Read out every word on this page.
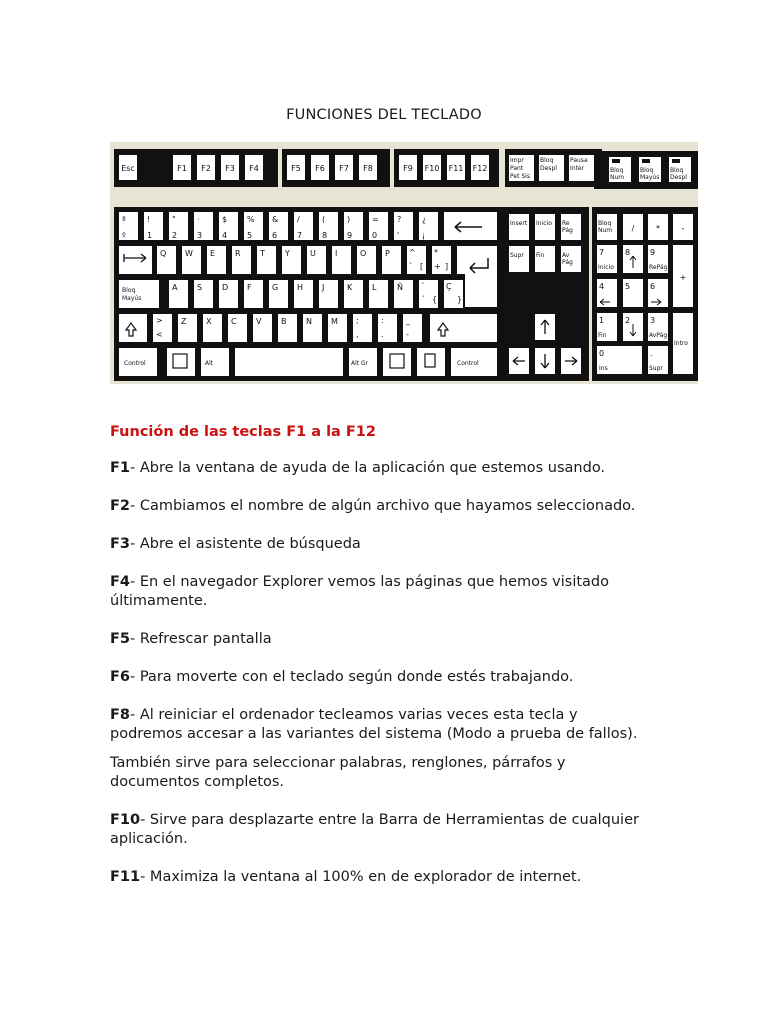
FUNCIONES DEL TECLADO
Esc	F1 F2 F3 F4	F5 F6 F7 F8	F9 F10 F11 F12
Impr
Pant
Pet Sis
Bloq
Despl
Pausa
Inter	Bloq
Num
Bloq
Mayús
Bloq
Despl
ª
º
!
1
"
2
·
3
$
4
%
5
&
6
/
7
(
8
)
9
=
0
?
'
¿
¡
Q W E R T	Y	U I	O P ^
` [
*
+ ]
Bloq
Mayús
A S D F	G H J	K L	Ñ ¨
´ {
Ç
}
>
<
Z X C V B N M ;
,
:
.
_
-
Control	Alt	Alt Gr	Control
Insert Inicio Re
Pág
Supr Fin	Av
Pág
Bloq
Num /	*	-
7
Inicio
8 9
RePág
4	5 6
1
Fin
2 3
AvPág
0
Ins
.
Supr
+
Intro
Función de las teclas F1 a la F12
F1- Abre la ventana de ayuda de la aplicación que estemos usando.
F2- Cambiamos el nombre de algún archivo que hayamos seleccionado.
F3- Abre el asistente de búsqueda
F4- En el navegador Explorer vemos las páginas que hemos visitado últimamente.
F5- Refrescar pantalla
F6- Para moverte con el teclado según donde estés trabajando.
F8- Al reiniciar el ordenador tecleamos varias veces esta tecla y podremos accesar a las variantes del sistema (Modo a prueba de fallos).
También sirve para seleccionar palabras, renglones, párrafos y documentos completos.
F10- Sirve para desplazarte entre la Barra de Herramientas de cualquier aplicación.
F11- Maximiza la ventana al 100% en de explorador de internet.
